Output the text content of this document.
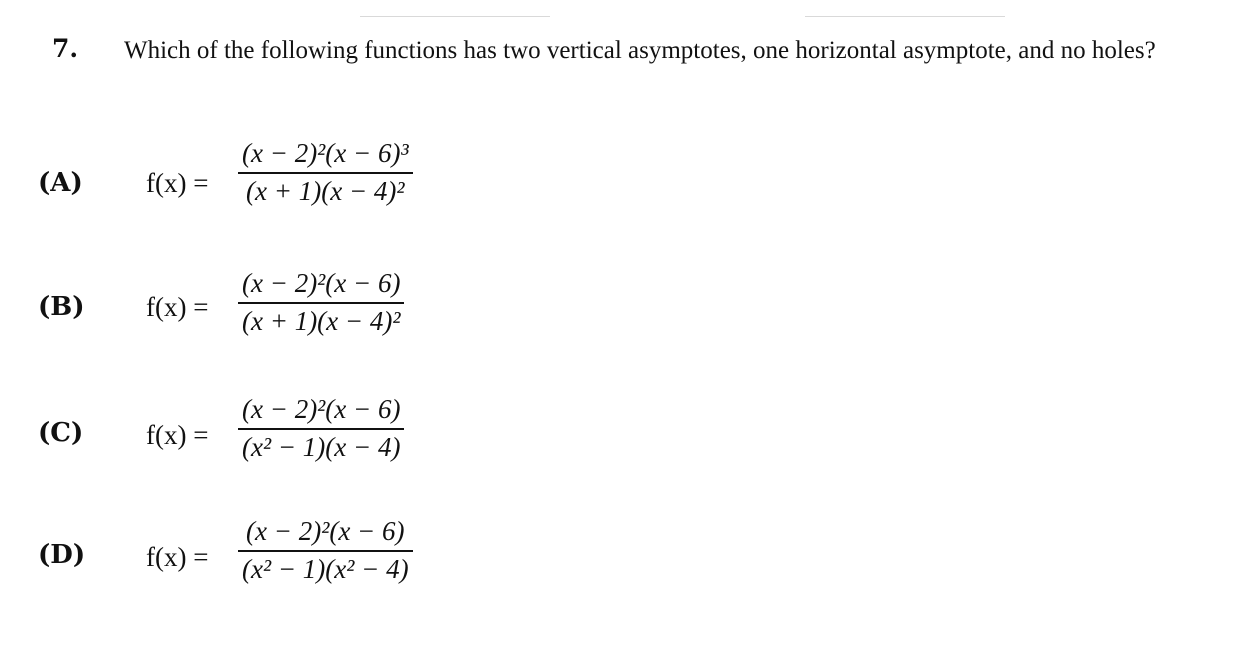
7. Which of the following functions has two vertical asymptotes, one horizontal asymptote, and no holes?
(A) f(x) =
(x − 2)²(x − 6)³
(x + 1)(x − 4)²
(B) f(x) =
(x − 2)²(x − 6)
(x + 1)(x − 4)²
(C) f(x) =
(x − 2)²(x − 6)
(x² − 1)(x − 4)
(D) f(x) =
(x − 2)²(x − 6)
(x² − 1)(x² − 4)
